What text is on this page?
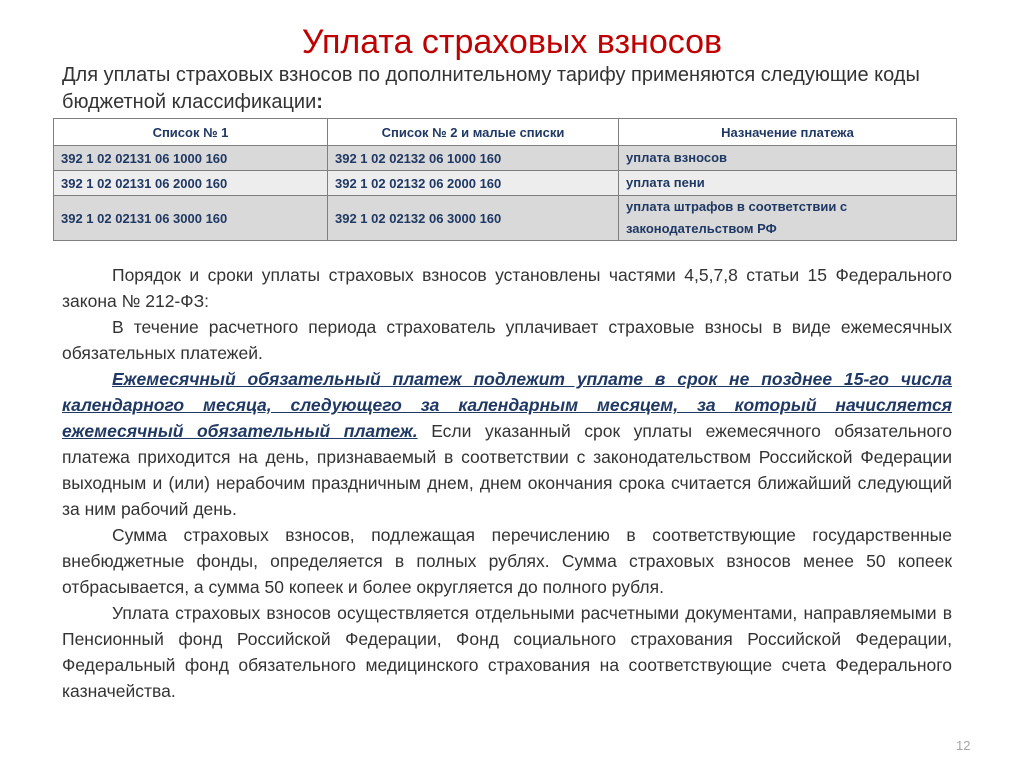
Уплата страховых взносов
Для уплаты страховых взносов по дополнительному тарифу применяются следующие коды бюджетной классификации:
Список № 1	Список № 2 и малые списки	Назначение платежа
392 1 02 02131 06 1000 160	392 1 02 02132 06 1000 160	уплата взносов
392 1 02 02131 06 2000 160	392 1 02 02132 06 2000 160	уплата пени
392 1 02 02131 06 3000 160	392 1 02 02132 06 3000 160	уплата штрафов в соответствии с законодательством РФ

Порядок и сроки уплаты страховых взносов установлены частями 4,5,7,8 статьи 15 Федерального закона № 212-ФЗ:

В течение расчетного периода страхователь уплачивает страховые взносы в виде ежемесячных обязательных платежей.

Ежемесячный обязательный платеж подлежит уплате в срок не позднее 15-го числа календарного месяца, следующего за календарным месяцем, за который начисляется ежемесячный обязательный платеж. Если указанный срок уплаты ежемесячного обязательного платежа приходится на день, признаваемый в соответствии с законодательством Российской Федерации выходным и (или) нерабочим праздничным днем, днем окончания срока считается ближайший следующий за ним рабочий день.

Сумма страховых взносов, подлежащая перечислению в соответствующие государственные внебюджетные фонды, определяется в полных рублях. Сумма страховых взносов менее 50 копеек отбрасывается, а сумма 50 копеек и более округляется до полного рубля.

Уплата страховых взносов осуществляется отдельными расчетными документами, направляемыми в Пенсионный фонд Российской Федерации, Фонд социального страхования Российской Федерации, Федеральный фонд обязательного медицинского страхования на соответствующие счета Федерального казначейства.

12
